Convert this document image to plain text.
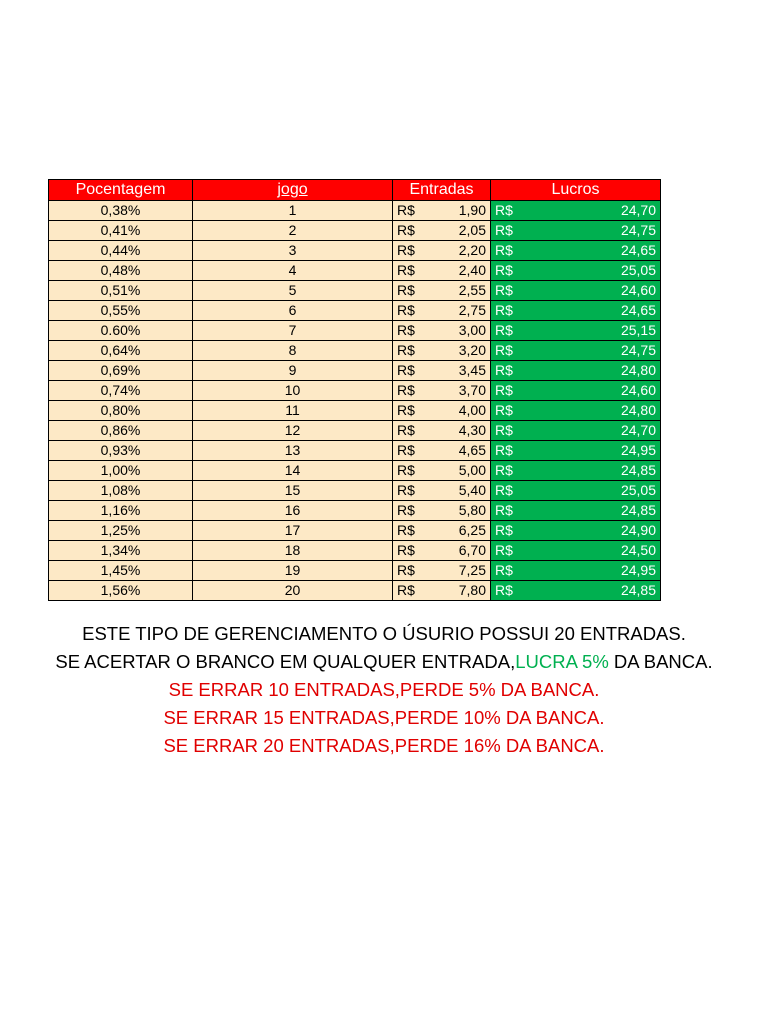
Pocentagem	jogo	Entradas	Lucros
0,38%	1	R$ 1,90	R$ 24,70

0,41%	2	R$ 2,05	R$ 24,75

0,44%	3	R$ 2,20	R$ 24,65

0,48%	4	R$ 2,40	R$ 25,05

0,51%	5	R$ 2,55	R$ 24,60

0,55%	6	R$ 2,75	R$ 24,65

0.60%	7	R$ 3,00	R$ 25,15

0,64%	8	R$ 3,20	R$ 24,75

0,69%	9	R$ 3,45	R$ 24,80

0,74%	10	R$ 3,70	R$ 24,60

0,80%	11	R$ 4,00	R$ 24,80

0,86%	12	R$ 4,30	R$ 24,70

0,93%	13	R$ 4,65	R$ 24,95

1,00%	14	R$ 5,00	R$ 24,85

1,08%	15	R$ 5,40	R$ 25,05

1,16%	16	R$ 5,80	R$ 24,85

1,25%	17	R$ 6,25	R$ 24,90

1,34%	18	R$ 6,70	R$ 24,50

1,45%	19	R$ 7,25	R$ 24,95

1,56%	20	R$ 7,80	R$ 24,85

ESTE TIPO DE GERENCIAMENTO O ÚSURIO POSSUI 20 ENTRADAS.

SE ACERTAR O BRANCO EM QUALQUER ENTRADA,LUCRA 5% DA BANCA.

SE ERRAR 10 ENTRADAS,PERDE 5% DA BANCA.

SE ERRAR 15 ENTRADAS,PERDE 10% DA BANCA.

SE ERRAR 20 ENTRADAS,PERDE 16% DA BANCA.
